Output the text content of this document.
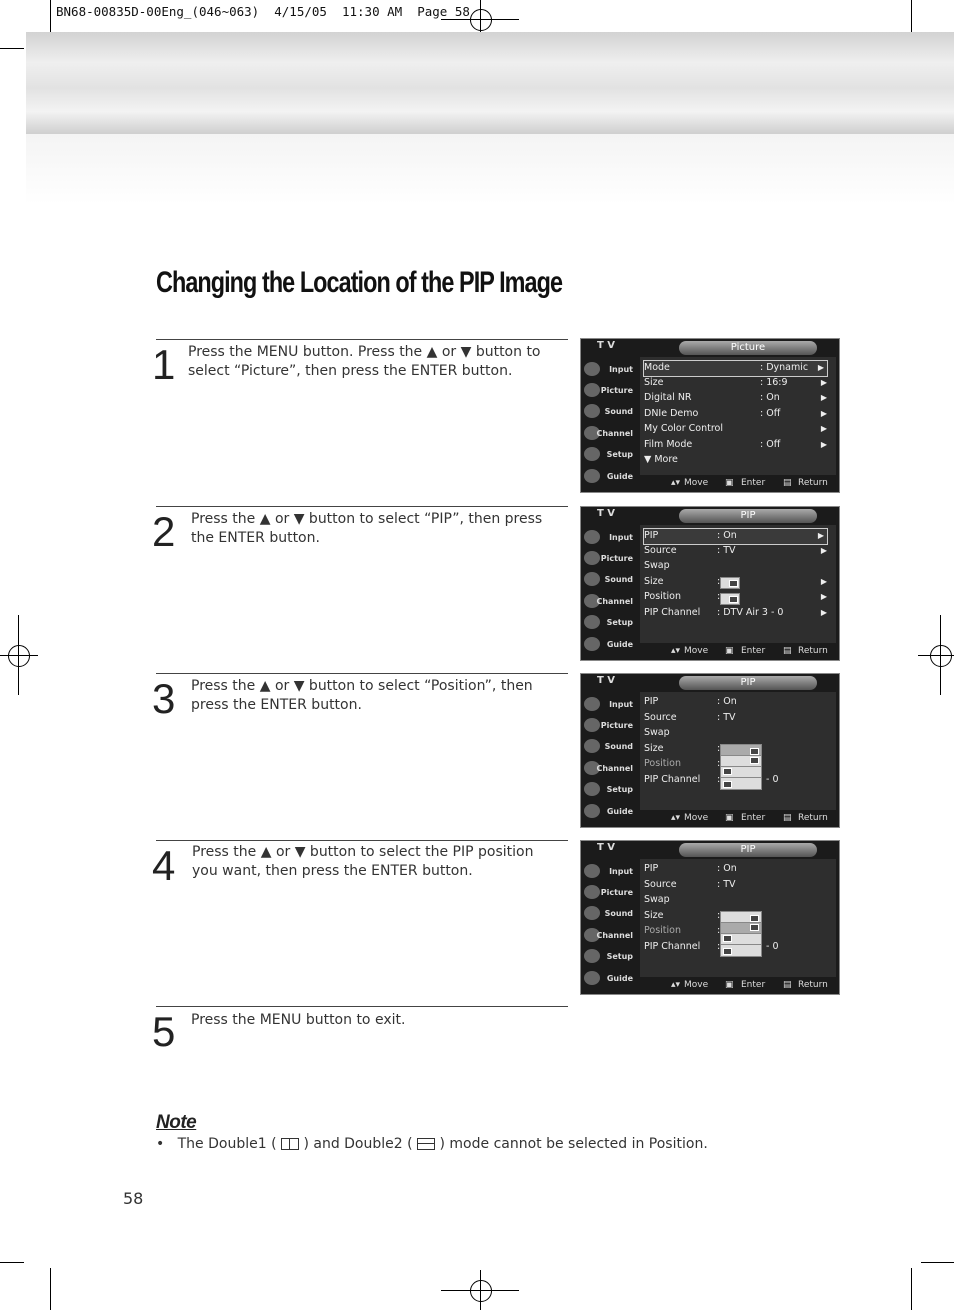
BN68-00835D-00Eng_(046~063)  4/15/05  11:30 AM  Page 58
Changing the Location of the PIP Image
1 Press the MENU button. Press the ▲ or ▼ button to select “Picture”, then press the ENTER button.
2 Press the ▲ or ▼ button to select “PIP”, then press the ENTER button.
3 Press the ▲ or ▼ button to select “Position”, then press the ENTER button.
4 Press the ▲ or ▼ button to select the PIP position you want, then press the ENTER button.
5 Press the MENU button to exit.
T V	Picture
Input
Picture
Sound
Channel
Setup
Guide
Mode	: Dynamic ▶
Size	: 16:9	▶
Digital NR	: On	▶
DNIe Demo	: Off	▶
My Color Control	▶
Film Mode	: Off	▶
▼ More
▴▾ Move ▣ Enter ▤ Return
T V	PIP
Input
Picture
Sound
Channel
Setup
Guide
PIP	: On	▶
Source	: TV	▶
Swap
Size	:	▶
Position	:	▶
PIP Channel : DTV Air 3 - 0	▶
▴▾ Move ▣ Enter ▤ Return
T V	PIP
Input
Picture
Sound
Channel
Setup
Guide
PIP	: On
Source	: TV
Swap
Size	:
Position	:
PIP Channel :	- 0
▴▾ Move ▣ Enter ▤ Return
T V	PIP
Input
Picture
Sound
Channel
Setup
Guide
PIP	: On
Source	: TV
Swap
Size	:
Position	:
PIP Channel :	- 0
▴▾ Move ▣ Enter ▤ Return
Note
• The Double1 ( ) and Double2 ( ) mode cannot be selected in Position.
58
